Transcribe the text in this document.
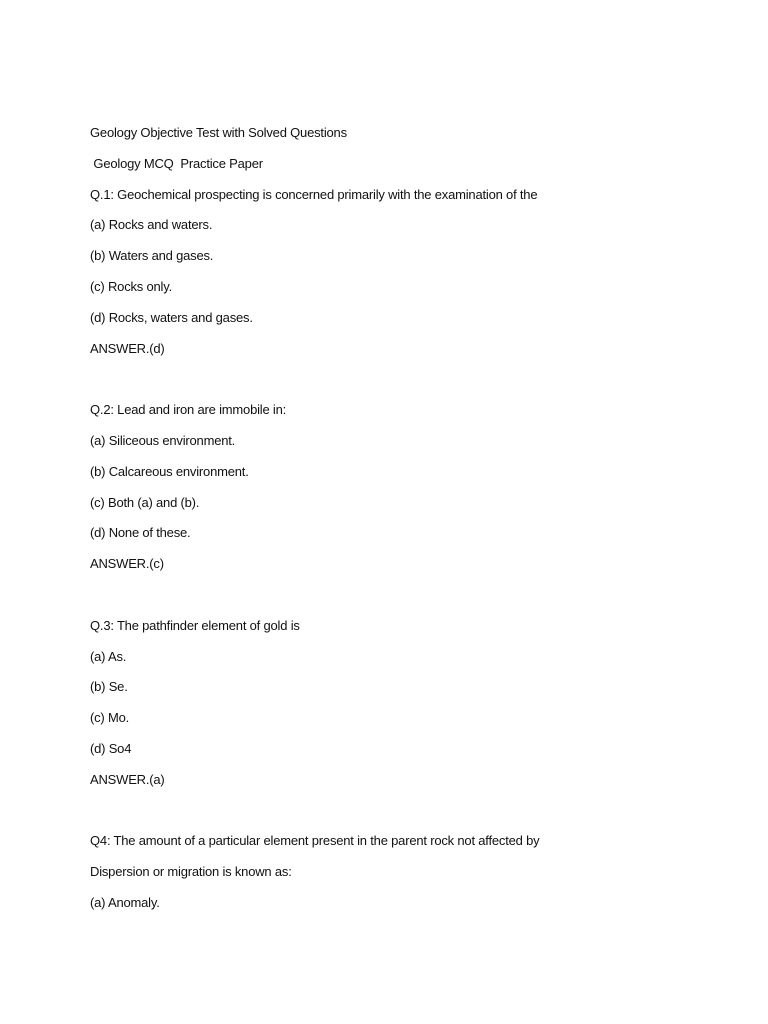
Geology Objective Test with Solved Questions
Geology MCQ  Practice Paper
Q.1: Geochemical prospecting is concerned primarily with the examination of the
(a) Rocks and waters.
(b) Waters and gases.
(c) Rocks only.
(d) Rocks, waters and gases.
ANSWER.(d)
Q.2: Lead and iron are immobile in:
(a) Siliceous environment.
(b) Calcareous environment.
(c) Both (a) and (b).
(d) None of these.
ANSWER.(c)
Q.3: The pathfinder element of gold is
(a) As.
(b) Se.
(c) Mo.
(d) So4
ANSWER.(a)
Q4: The amount of a particular element present in the parent rock not affected by
Dispersion or migration is known as:
(a) Anomaly.
